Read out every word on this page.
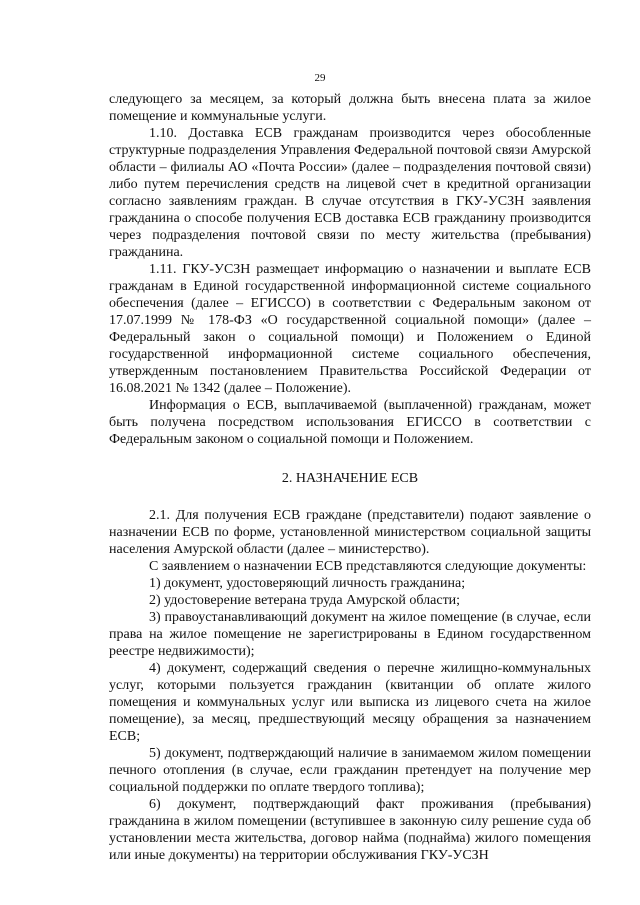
29

следующего за месяцем, за который должна быть внесена плата за жилое помещение и коммунальные услуги.

1.10. Доставка ЕСВ гражданам производится через обособленные структурные подразделения Управления Федеральной почтовой связи Амурской области – филиалы АО «Почта России» (далее – подразделения почтовой связи) либо путем перечисления средств на лицевой счет в кредитной организации согласно заявлениям граждан. В случае отсутствия в ГКУ-УСЗН заявления гражданина о способе получения ЕСВ доставка ЕСВ гражданину производится через подразделения почтовой связи по месту жительства (пребывания) гражданина.

1.11. ГКУ-УСЗН размещает информацию о назначении и выплате ЕСВ гражданам в Единой государственной информационной системе социального обеспечения (далее – ЕГИССО) в соответствии с Федеральным законом от 17.07.1999 № 178-ФЗ «О государственной социальной помощи» (далее – Федеральный закон о социальной помощи) и Положением о Единой государственной информационной системе социального обеспечения, утвержденным постановлением Правительства Российской Федерации от 16.08.2021 № 1342 (далее – Положение).

Информация о ЕСВ, выплачиваемой (выплаченной) гражданам, может быть получена посредством использования ЕГИССО в соответствии с Федеральным законом о социальной помощи и Положением.

2. НАЗНАЧЕНИЕ ЕСВ

2.1. Для получения ЕСВ граждане (представители) подают заявление о назначении ЕСВ по форме, установленной министерством социальной защиты населения Амурской области (далее – министерство).

С заявлением о назначении ЕСВ представляются следующие документы:

1) документ, удостоверяющий личность гражданина;

2) удостоверение ветерана труда Амурской области;

3) правоустанавливающий документ на жилое помещение (в случае, если права на жилое помещение не зарегистрированы в Едином государственном реестре недвижимости);

4) документ, содержащий сведения о перечне жилищно-коммунальных услуг, которыми пользуется гражданин (квитанции об оплате жилого помещения и коммунальных услуг или выписка из лицевого счета на жилое помещение), за месяц, предшествующий месяцу обращения за назначением ЕСВ;

5) документ, подтверждающий наличие в занимаемом жилом помещении печного отопления (в случае, если гражданин претендует на получение мер социальной поддержки по оплате твердого топлива);

6) документ, подтверждающий факт проживания (пребывания) гражданина в жилом помещении (вступившее в законную силу решение суда об установлении места жительства, договор найма (поднайма) жилого помещения или иные документы) на территории обслуживания ГКУ-УСЗН
